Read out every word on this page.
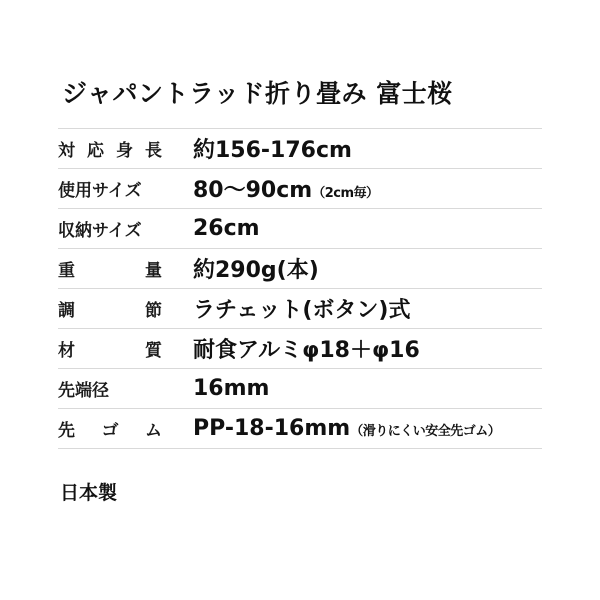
ジャパントラッド折り畳み 富士桜
対 応 身 長	約156-176cm

使用サイズ	80〜90cm（2cm毎）

収納サイズ	26cm

重 量	約290g(本)

調 節	ラチェット(ボタン)式

材 質	耐食アルミφ18＋φ16

先端径	16mm

先 ゴ ム	PP-18-16mm（滑りにくい安全先ゴム）
日本製
